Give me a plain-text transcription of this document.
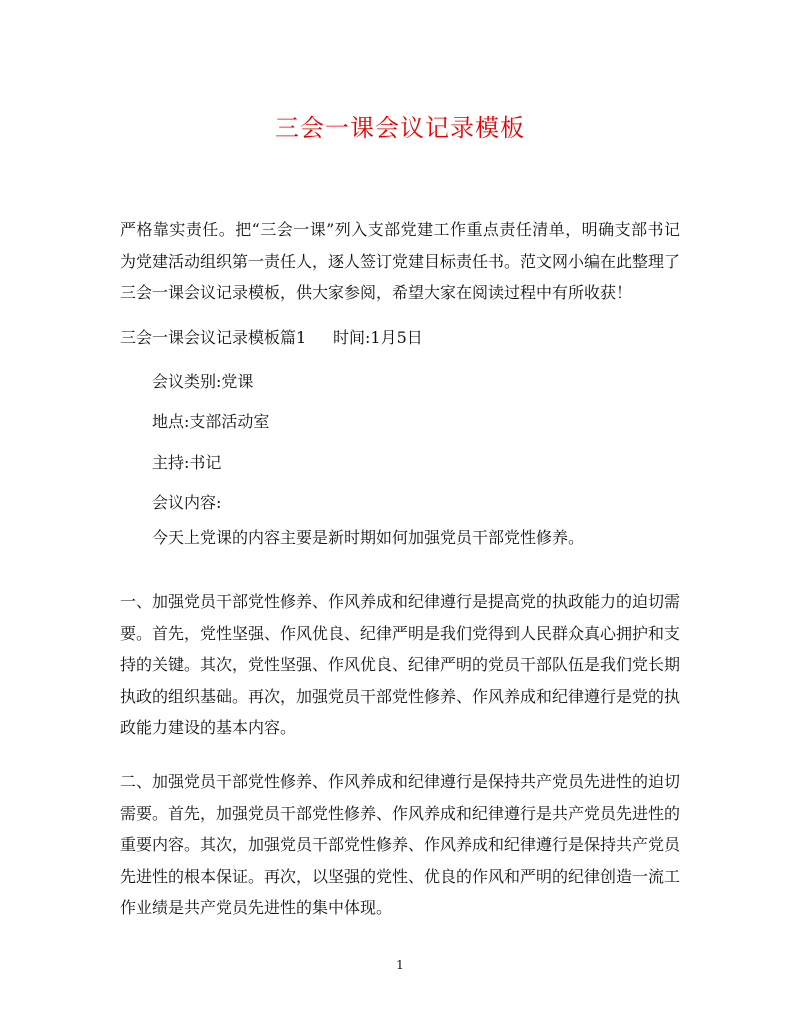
三会一课会议记录模板

严格靠实责任。把“三会一课”列入支部党建工作重点责任清单，明确支部书记为党建活动组织第一责任人，逐人签订党建目标责任书。范文网小编在此整理了三会一课会议记录模板，供大家参阅，希望大家在阅读过程中有所收获！

三会一课会议记录模板篇1 时间:1月5日
会议类别:党课
地点:支部活动室
主持:书记
会议内容:
今天上党课的内容主要是新时期如何加强党员干部党性修养。

一、加强党员干部党性修养、作风养成和纪律遵行是提高党的执政能力的迫切需要。首先，党性坚强、作风优良、纪律严明是我们党得到人民群众真心拥护和支持的关键。其次，党性坚强、作风优良、纪律严明的党员干部队伍是我们党长期执政的组织基础。再次，加强党员干部党性修养、作风养成和纪律遵行是党的执政能力建设的基本内容。

二、加强党员干部党性修养、作风养成和纪律遵行是保持共产党员先进性的迫切需要。首先，加强党员干部党性修养、作风养成和纪律遵行是共产党员先进性的重要内容。其次，加强党员干部党性修养、作风养成和纪律遵行是保持共产党员先进性的根本保证。再次，以坚强的党性、优良的作风和严明的纪律创造一流工作业绩是共产党员先进性的集中体现。

1
